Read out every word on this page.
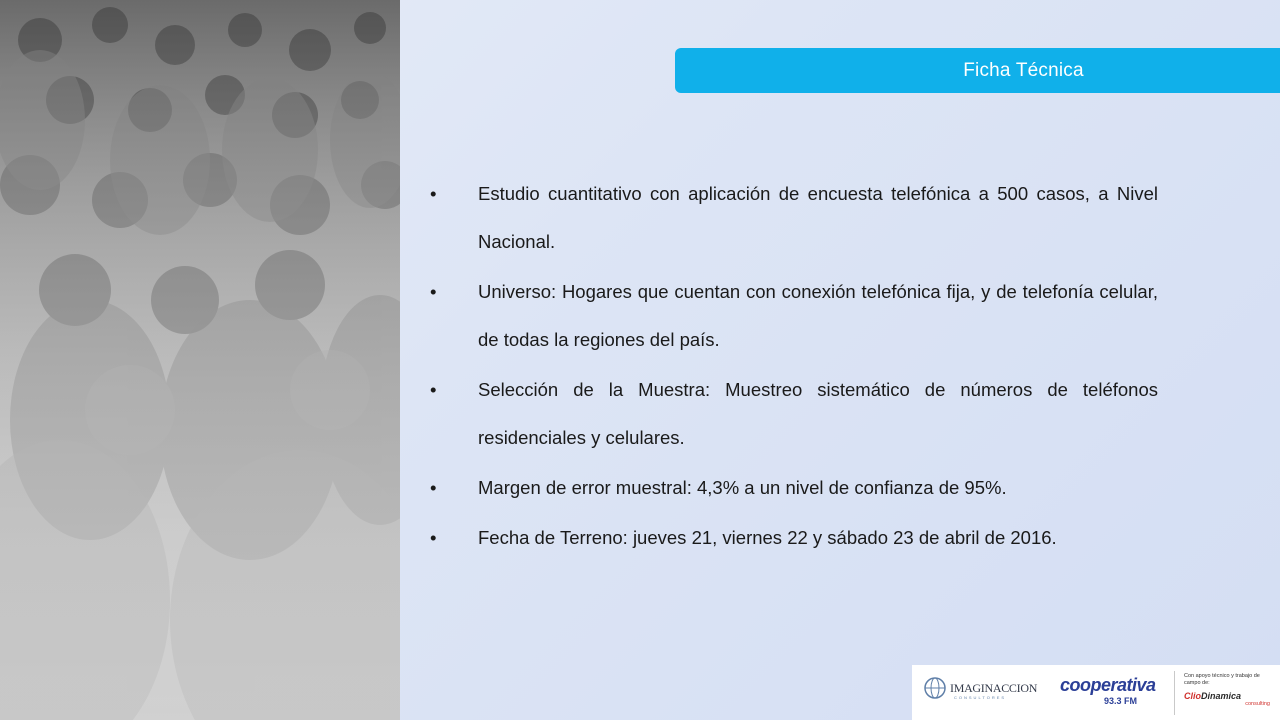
Ficha Técnica
•	Estudio cuantitativo con aplicación de encuesta telefónica a 500 casos, a Nivel Nacional.
•	Universo: Hogares que cuentan con conexión telefónica fija, y de telefonía celular, de todas la regiones del país.
•	Selección de la Muestra: Muestreo sistemático de números de teléfonos residenciales y celulares.
•	Margen de error muestral: 4,3% a un nivel de confianza de 95%.
•	Fecha de Terreno: jueves 21, viernes 22 y sábado 23 de abril de 2016.
IMAGINACCION
CONSULTORES
cooperativa
93.3 FM
Con apoyo técnico y trabajo de campo de:
ClioDinamica
consulting
